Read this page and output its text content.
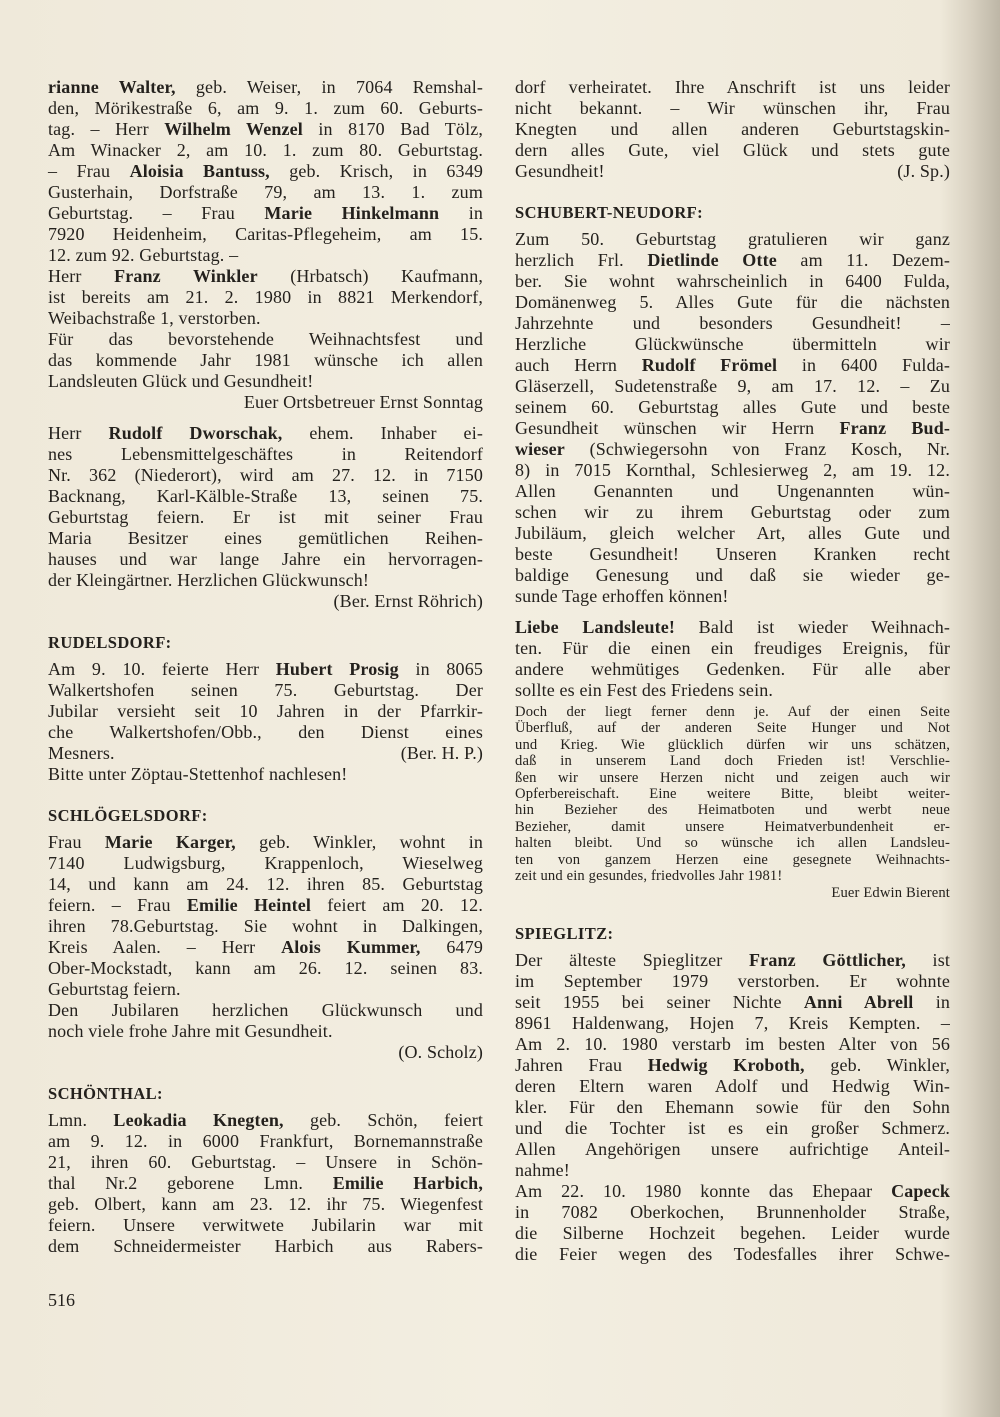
rianne Walter, geb. Weiser, in 7064 Remshal-
den, Mörikestraße 6, am 9. 1. zum 60. Geburts-
tag. – Herr Wilhelm Wenzel in 8170 Bad Tölz,
Am Winacker 2, am 10. 1. zum 80. Geburtstag.
– Frau Aloisia Bantuss, geb. Krisch, in 6349
Gusterhain, Dorfstraße 79, am 13. 1. zum
Geburtstag. – Frau Marie Hinkelmann in
7920 Heidenheim, Caritas-Pflegeheim, am 15.
12. zum 92. Geburtstag. –
Herr Franz Winkler (Hrbatsch) Kaufmann,
ist bereits am 21. 2. 1980 in 8821 Merkendorf,
Weibachstraße 1, verstorben.
Für das bevorstehende Weihnachtsfest und
das kommende Jahr 1981 wünsche ich allen
Landsleuten Glück und Gesundheit!
Euer Ortsbetreuer Ernst Sonntag
Herr Rudolf Dworschak, ehem. Inhaber ei-
nes Lebensmittelgeschäftes in Reitendorf
Nr. 362 (Niederort), wird am 27. 12. in 7150
Backnang, Karl-Kälble-Straße 13, seinen 75.
Geburtstag feiern. Er ist mit seiner Frau
Maria Besitzer eines gemütlichen Reihen-
hauses und war lange Jahre ein hervorragen-
der Kleingärtner. Herzlichen Glückwunsch!
(Ber. Ernst Röhrich)
RUDELSDORF:
Am 9. 10. feierte Herr Hubert Prosig in 8065
Walkertshofen seinen 75. Geburtstag. Der
Jubilar versieht seit 10 Jahren in der Pfarrkir-
che Walkertshofen/Obb., den Dienst eines
Mesners.	(Ber. H. P.)
Bitte unter Zöptau-Stettenhof nachlesen!
SCHLÖGELSDORF:
Frau Marie Karger, geb. Winkler, wohnt in
7140 Ludwigsburg, Krappenloch, Wieselweg
14, und kann am 24. 12. ihren 85. Geburtstag
feiern. – Frau Emilie Heintel feiert am 20. 12.
ihren 78.Geburtstag. Sie wohnt in Dalkingen,
Kreis Aalen. – Herr Alois Kummer, 6479
Ober-Mockstadt, kann am 26. 12. seinen 83.
Geburtstag feiern.
Den Jubilaren herzlichen Glückwunsch und
noch viele frohe Jahre mit Gesundheit.
(O. Scholz)
SCHÖNTHAL:
Lmn. Leokadia Knegten, geb. Schön, feiert
am 9. 12. in 6000 Frankfurt, Bornemannstraße
21, ihren 60. Geburtstag. – Unsere in Schön-
thal Nr.2 geborene Lmn. Emilie Harbich,
geb. Olbert, kann am 23. 12. ihr 75. Wiegenfest
feiern. Unsere verwitwete Jubilarin war mit
dem Schneidermeister Harbich aus Rabers-
dorf verheiratet. Ihre Anschrift ist uns leider
nicht bekannt. – Wir wünschen ihr, Frau
Knegten und allen anderen Geburtstagskin-
dern alles Gute, viel Glück und stets gute
Gesundheit!	(J. Sp.)
SCHUBERT-NEUDORF:
Zum 50. Geburtstag gratulieren wir ganz
herzlich Frl. Dietlinde Otte am 11. Dezem-
ber. Sie wohnt wahrscheinlich in 6400 Fulda,
Domänenweg 5. Alles Gute für die nächsten
Jahrzehnte und besonders Gesundheit! –
Herzliche Glückwünsche übermitteln wir
auch Herrn Rudolf Frömel in 6400 Fulda-
Gläserzell, Sudetenstraße 9, am 17. 12. – Zu
seinem 60. Geburtstag alles Gute und beste
Gesundheit wünschen wir Herrn Franz Bud-
wieser (Schwiegersohn von Franz Kosch, Nr.
8) in 7015 Kornthal, Schlesierweg 2, am 19. 12.
Allen Genannten und Ungenannten wün-
schen wir zu ihrem Geburtstag oder zum
Jubiläum, gleich welcher Art, alles Gute und
beste Gesundheit! Unseren Kranken recht
baldige Genesung und daß sie wieder ge-
sunde Tage erhoffen können!
Liebe Landsleute! Bald ist wieder Weihnach-
ten. Für die einen ein freudiges Ereignis, für
andere wehmütiges Gedenken. Für alle aber
sollte es ein Fest des Friedens sein.
Doch der liegt ferner denn je. Auf der einen Seite
Überfluß, auf der anderen Seite Hunger und Not
und Krieg. Wie glücklich dürfen wir uns schätzen,
daß in unserem Land doch Frieden ist! Verschlie-
ßen wir unsere Herzen nicht und zeigen auch wir
Opferbereischaft. Eine weitere Bitte, bleibt weiter-
hin Bezieher des Heimatboten und werbt neue
Bezieher, damit unsere Heimatverbundenheit er-
halten bleibt. Und so wünsche ich allen Landsleu-
ten von ganzem Herzen eine gesegnete Weihnachts-
zeit und ein gesundes, friedvolles Jahr 1981!
Euer Edwin Bierent
SPIEGLITZ:
Der älteste Spieglitzer Franz Göttlicher, ist
im September 1979 verstorben. Er wohnte
seit 1955 bei seiner Nichte Anni Abrell in
8961 Haldenwang, Hojen 7, Kreis Kempten. –
Am 2. 10. 1980 verstarb im besten Alter von 56
Jahren Frau Hedwig Kroboth, geb. Winkler,
deren Eltern waren Adolf und Hedwig Win-
kler. Für den Ehemann sowie für den Sohn
und die Tochter ist es ein großer Schmerz.
Allen Angehörigen unsere aufrichtige Anteil-
nahme!
Am 22. 10. 1980 konnte das Ehepaar Capeck
in 7082 Oberkochen, Brunnenholder Straße,
die Silberne Hochzeit begehen. Leider wurde
die Feier wegen des Todesfalles ihrer Schwe-
516
